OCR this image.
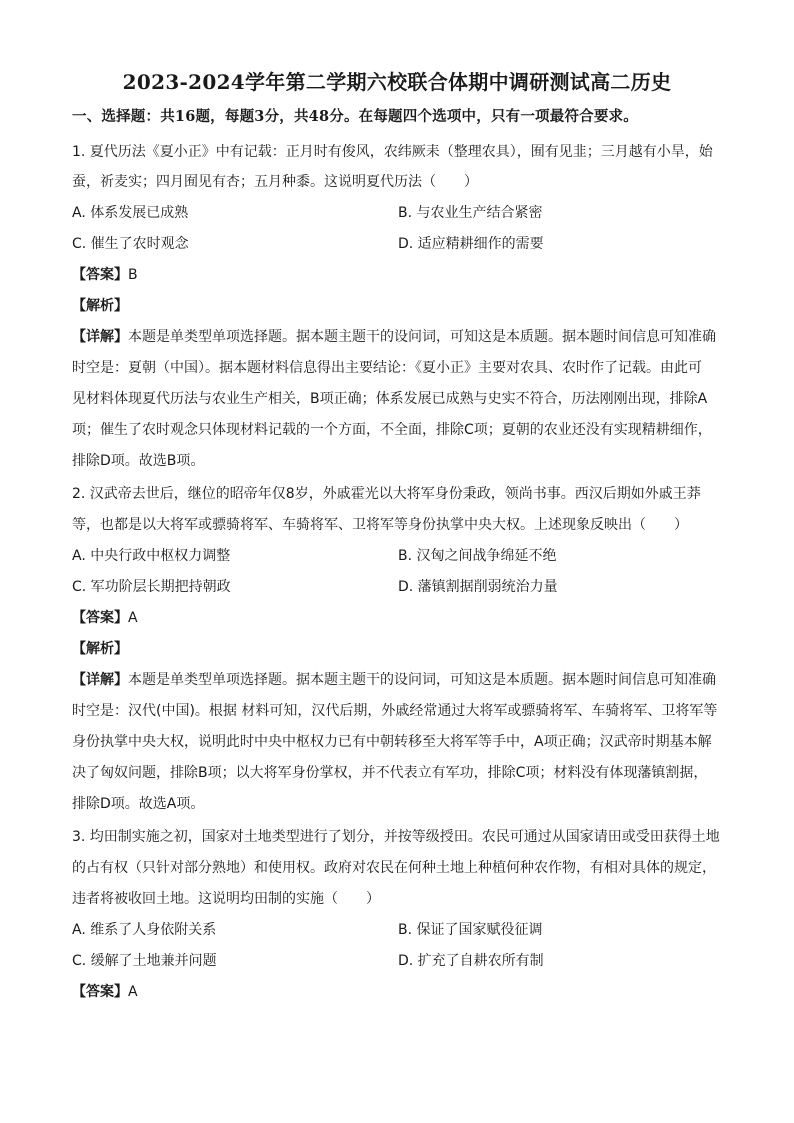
2023-2024学年第二学期六校联合体期中调研测试高二历史
一、选择题：共16题，每题3分，共48分。在每题四个选项中，只有一项最符合要求。
1. 夏代历法《夏小正》中有记载：正月时有俊风，农纬厥耒（整理农具），囿有见韭；三月越有小旱，始
蚕，祈麦实；四月囿见有杏；五月种黍。这说明夏代历法（　　）
A. 体系发展已成熟	B. 与农业生产结合紧密
C. 催生了农时观念	D. 适应精耕细作的需要
【答案】B
【解析】
【详解】本题是单类型单项选择题。据本题主题干的设问词，可知这是本质题。据本题时间信息可知准确
时空是：夏朝（中国）。据本题材料信息得出主要结论：《夏小正》主要对农具、农时作了记载。由此可
见材料体现夏代历法与农业生产相关，B项正确；体系发展已成熟与史实不符合，历法刚刚出现，排除A
项；催生了农时观念只体现材料记载的一个方面，不全面，排除C项；夏朝的农业还没有实现精耕细作，
排除D项。故选B项。
2. 汉武帝去世后，继位的昭帝年仅8岁，外戚霍光以大将军身份秉政，领尚书事。西汉后期如外戚王莽
等，也都是以大将军或骠骑将军、车骑将军、卫将军等身份执掌中央大权。上述现象反映出（　　）
A. 中央行政中枢权力调整	B. 汉匈之间战争绵延不绝
C. 军功阶层长期把持朝政	D. 藩镇割据削弱统治力量
【答案】A
【解析】
【详解】本题是单类型单项选择题。据本题主题干的设问词，可知这是本质题。据本题时间信息可知准确
时空是：汉代(中国)。根据 材料可知，汉代后期，外戚经常通过大将军或骠骑将军、车骑将军、卫将军等
身份执掌中央大权，说明此时中央中枢权力已有中朝转移至大将军等手中，A项正确；汉武帝时期基本解
决了匈奴问题，排除B项；以大将军身份掌权，并不代表立有军功，排除C项；材料没有体现藩镇割据，
排除D项。故选A项。
3. 均田制实施之初，国家对土地类型进行了划分，并按等级授田。农民可通过从国家请田或受田获得土地
的占有权（只针对部分熟地）和使用权。政府对农民在何种土地上种植何种农作物，有相对具体的规定，
违者将被收回土地。这说明均田制的实施（　　）
A. 维系了人身依附关系	B. 保证了国家赋役征调
C. 缓解了土地兼并问题	D. 扩充了自耕农所有制
【答案】A
